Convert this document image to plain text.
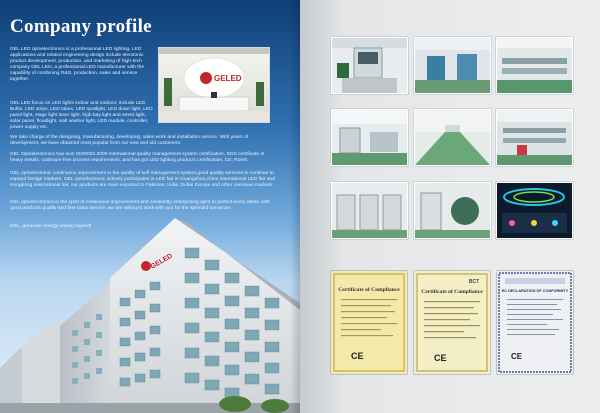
Company profile

GEL LED optoelectronics is a professional LED lighting, LED applications and related engineering design include electronic product development, production, and marketing of high-tech company GEL LED, a professional LED manufacturer with the capability of combining R&D, production, sales and service together.

GEL LED focus on LED lights indoor and outdoor, include LED Bulbs, LED strips, LED tubes, LED spotlight, LED down light, LED panel light, stage light laser light, high bay light and street light, solar panel, floodlight, wall washer light, LED module, controller, power supply etc.

We take charge of the designing, manufacturing, developing, sales work and installation service. With years of development, we have obtained most popular from our new and old customers.

GEL Optoelectronics has won ISO9001:2000 international quality management system certification, SGS certificate of heavy metals, cadmium-free process requirements, and has got LED lighting products certification, CE, RoHS.

GEL optoelectronic continuous improvement in the quality of self management system,good quality services to continue to expand foreign markets. GEL optoelectronic actively participates in LED fair in Guangzhou,china international LED fair and Hongkong international fair, our products are main exported to Pakistan, India, Dubai Europe and other overseas markets.

GEL optoelectronics in the spirit of continuous improvement and constantly enterprising spirit to perfect every detail, with good products quality and first-class service, we are willing to work with you for the splendid tomorrow.

GEL, generate energy-saving legend!

GELED
GELED
Certificate of Compliance
CE
BCT
Certificate of Compliance
CE
EC DECLARATION OF CONFORMITY
CE
